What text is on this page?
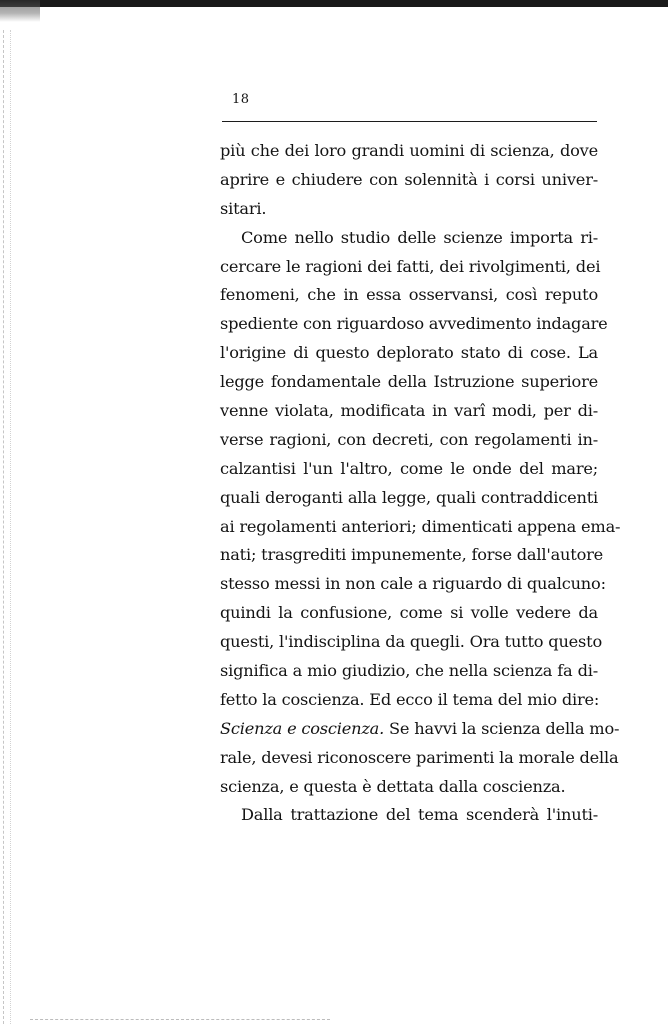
18
più che dei loro grandi uomini di scienza, dove
aprire e chiudere con solennità i corsi univer-
sitari.
Come nello studio delle scienze importa ri-
cercare le ragioni dei fatti, dei rivolgimenti, dei
fenomeni, che in essa osservansi, così reputo
spediente con riguardoso avvedimento indagare
l'origine di questo deplorato stato di cose. La
legge fondamentale della Istruzione superiore
venne violata, modificata in varî modi, per di-
verse ragioni, con decreti, con regolamenti in-
calzantisi l'un l'altro, come le onde del mare;
quali deroganti alla legge, quali contraddicenti
ai regolamenti anteriori; dimenticati appena ema-
nati; trasgrediti impunemente, forse dall'autore
stesso messi in non cale a riguardo di qualcuno:
quindi la confusione, come si volle vedere da
questi, l'indisciplina da quegli. Ora tutto questo
significa a mio giudizio, che nella scienza fa di-
fetto la coscienza. Ed ecco il tema del mio dire:
Scienza e coscienza. Se havvi la scienza della mo-
rale, devesi riconoscere parimenti la morale della
scienza, e questa è dettata dalla coscienza.
Dalla trattazione del tema scenderà l'inuti-
